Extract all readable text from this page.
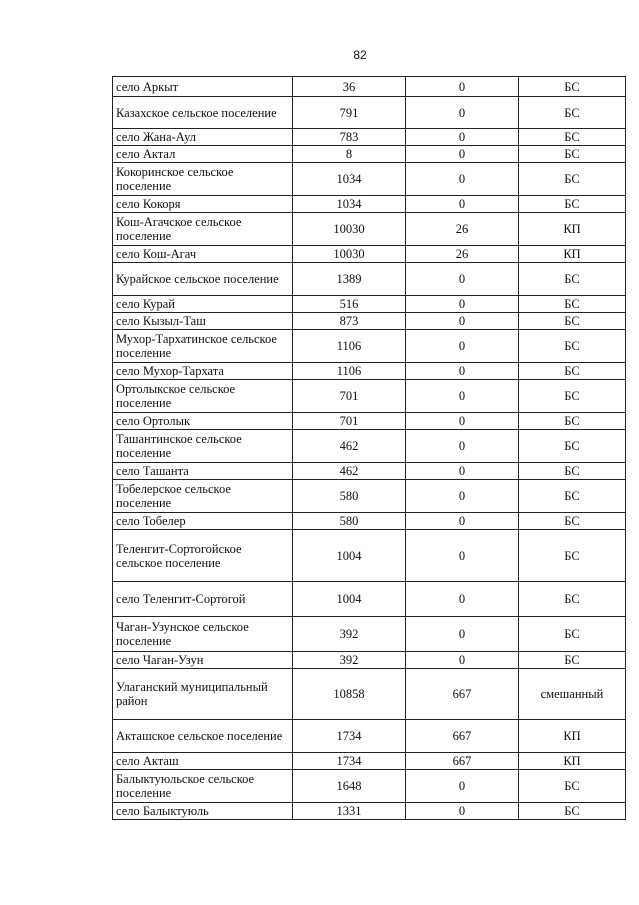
82
село Аркыт	36	0	БС
Казахское сельское поселение	791	0	БС
село Жана-Аул	783	0	БС
село Актал	8	0	БС
Кокоринское сельское поселение	1034	0	БС
село Кокоря	1034	0	БС
Кош-Агачское сельское поселение	10030	26	КП
село Кош-Агач	10030	26	КП
Курайское сельское поселение	1389	0	БС
село Курай	516	0	БС
село Кызыл-Таш	873	0	БС
Мухор-Тархатинское сельское поселение	1106	0	БС
село Мухор-Тархата	1106	0	БС
Ортолыкское сельское поселение	701	0	БС
село Ортолык	701	0	БС
Ташантинское сельское поселение	462	0	БС
село Ташанта	462	0	БС
Тобелерское сельское поселение	580	0	БС
село Тобелер	580	0	БС
Теленгит-Сортогойское сельское поселение	1004	0	БС
село Теленгит-Сортогой	1004	0	БС
Чаган-Узунское сельское поселение	392	0	БС
село Чаган-Узун	392	0	БС
Улаганский муниципальный район	10858	667	смешанный
Акташское сельское поселение	1734	667	КП
село Акташ	1734	667	КП
Балыктуюльское сельское поселение	1648	0	БС
село Балыктуюль	1331	0	БС
